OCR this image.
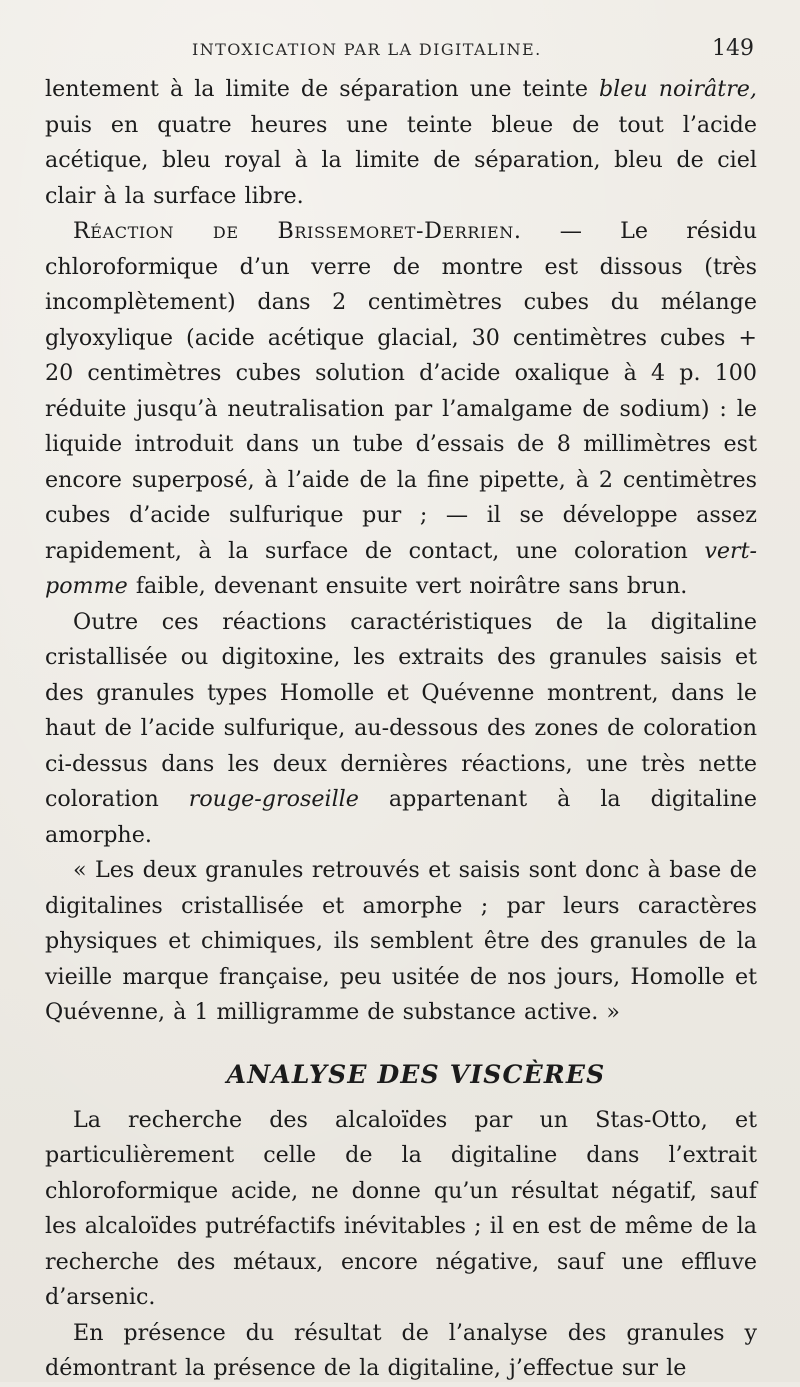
INTOXICATION PAR LA DIGITALINE.	149

lentement à la limite de séparation une teinte bleu noirâtre, puis en quatre heures une teinte bleue de tout l’acide acétique, bleu royal à la limite de séparation, bleu de ciel clair à la surface libre.

Réaction de Brissemoret-Derrien. — Le résidu chloroformique d’un verre de montre est dissous (très incomplètement) dans 2 centimètres cubes du mélange glyoxylique (acide acétique glacial, 30 centimètres cubes + 20 centimètres cubes solution d’acide oxalique à 4 p. 100 réduite jusqu’à neutralisation par l’amalgame de sodium) : le liquide introduit dans un tube d’essais de 8 millimètres est encore superposé, à l’aide de la fine pipette, à 2 centimètres cubes d’acide sulfurique pur ; — il se développe assez rapidement, à la surface de contact, une coloration vert-pomme faible, devenant ensuite vert noirâtre sans brun.

Outre ces réactions caractéristiques de la digitaline cristallisée ou digitoxine, les extraits des granules saisis et des granules types Homolle et Quévenne montrent, dans le haut de l’acide sulfurique, au-dessous des zones de coloration ci-dessus dans les deux dernières réactions, une très nette coloration rouge-groseille appartenant à la digitaline amorphe.

« Les deux granules retrouvés et saisis sont donc à base de digitalines cristallisée et amorphe ; par leurs caractères physiques et chimiques, ils semblent être des granules de la vieille marque française, peu usitée de nos jours, Homolle et Quévenne, à 1 milligramme de substance active. »

ANALYSE DES VISCÈRES

La recherche des alcaloïdes par un Stas-Otto, et particulièrement celle de la digitaline dans l’extrait chloroformique acide, ne donne qu’un résultat négatif, sauf les alcaloïdes putréfactifs inévitables ; il en est de même de la recherche des métaux, encore négative, sauf une effluve d’arsenic.

En présence du résultat de l’analyse des granules y démontrant la présence de la digitaline, j’effectue sur le
